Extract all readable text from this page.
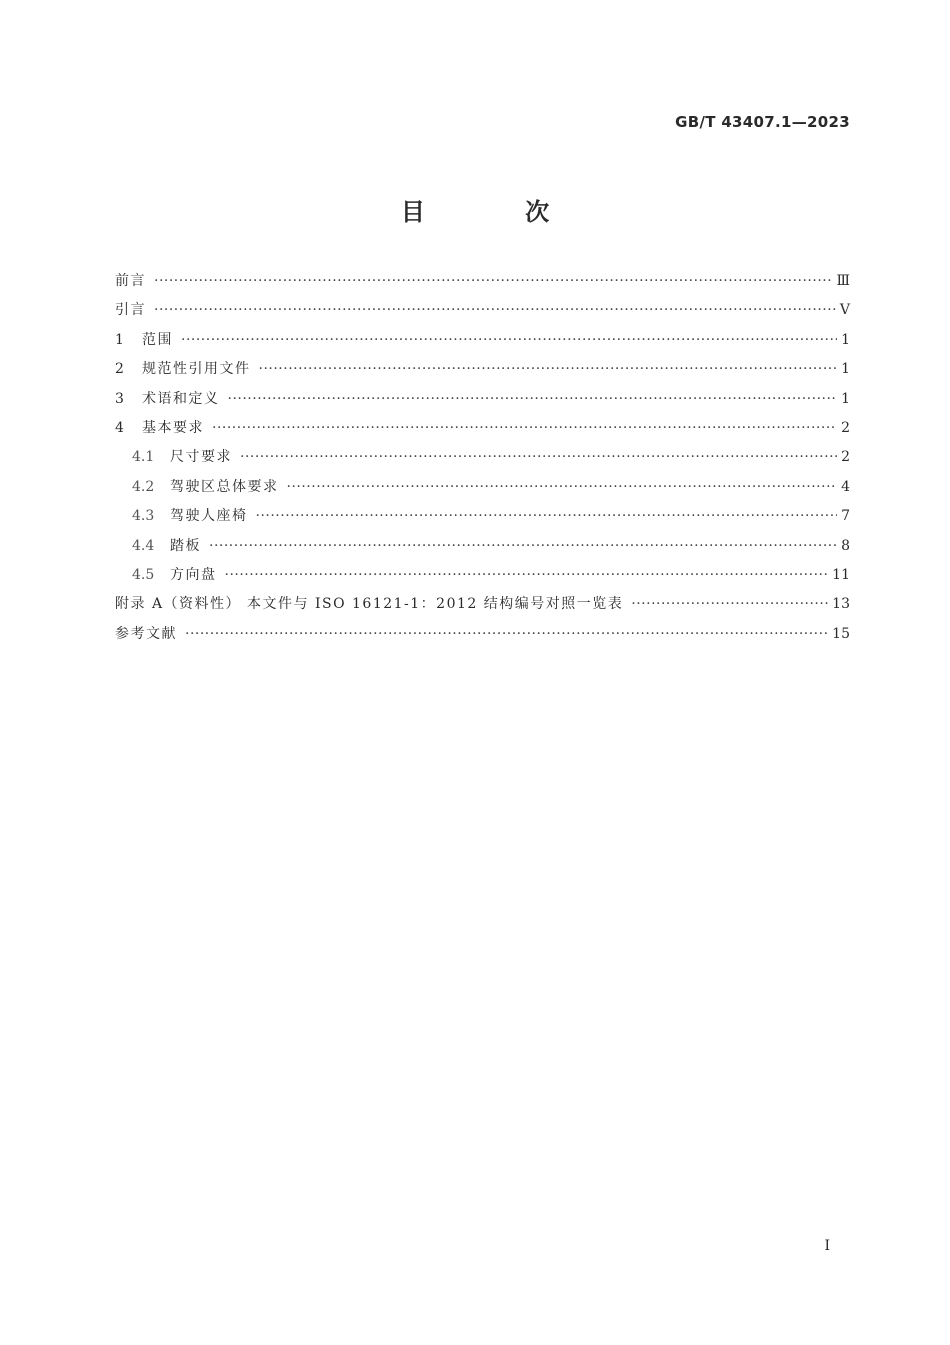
GB/T 43407.1—2023
目 次
前言 ·····	Ⅲ
引言 ·····	Ⅴ
1	范围 ·····	1
2	规范性引用文件 ·····	1
3	术语和定义 ·····	1
4	基本要求 ·····	2
4.1	尺寸要求 ·····	2
4.2	驾驶区总体要求 ·····	4
4.3	驾驶人座椅 ·····	7
4.4	踏板 ·····	8
4.5	方向盘 ·····	11
附录 A（资料性） 本文件与 ISO 16121-1：2012 结构编号对照一览表 ·····	13
参考文献 ·····	15
Ⅰ
